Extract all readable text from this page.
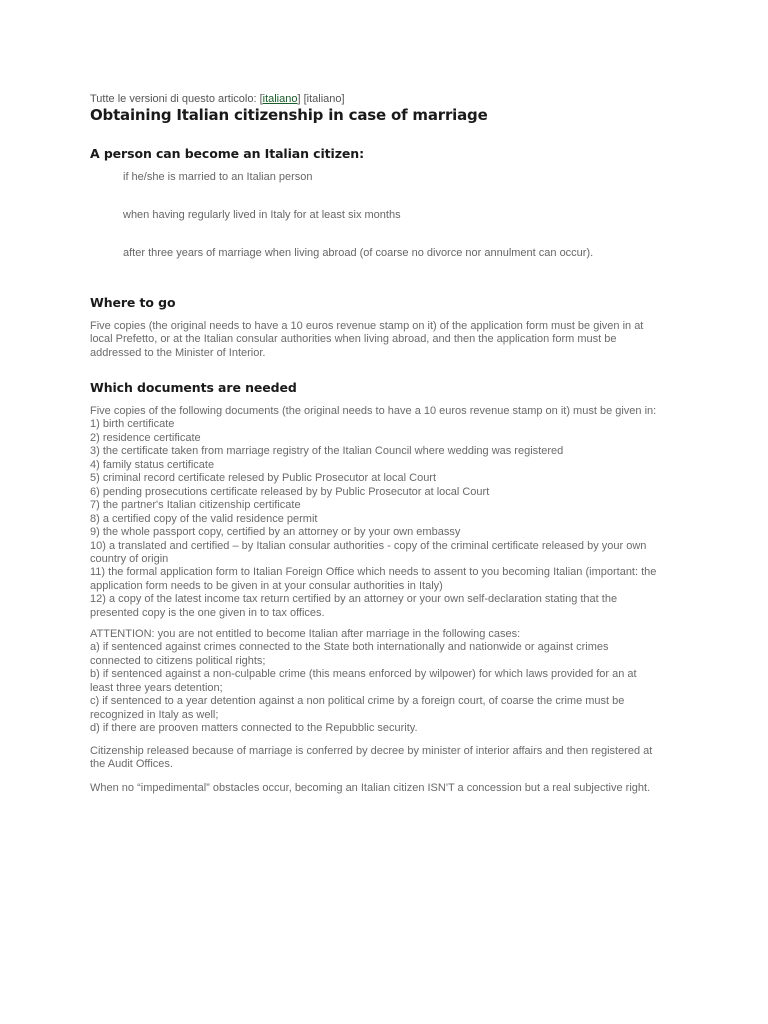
Tutte le versioni di questo articolo: [italiano] [italiano]
Obtaining Italian citizenship in case of marriage
A person can become an Italian citizen:
if he/she is married to an Italian person
when having regularly lived in Italy for at least six months
after three years of marriage when living abroad (of coarse no divorce nor annulment can occur).
Where to go
Five copies (the original needs to have a 10 euros revenue stamp on it) of the application form must be given in at
local Prefetto, or at the Italian consular authorities when living abroad, and then the application form must be
addressed to the Minister of Interior.
Which documents are needed
Five copies of the following documents (the original needs to have a 10 euros revenue stamp on it) must be given in:
1) birth certificate
2) residence certificate
3) the certificate taken from marriage registry of the Italian Council where wedding was registered
4) family status certificate
5) criminal record certificate relesed by Public Prosecutor at local Court
6) pending prosecutions certificate released by by Public Prosecutor at local Court
7) the partner's Italian citizenship certificate
8) a certified copy of the valid residence permit
9) the whole passport copy, certified by an attorney or by your own embassy
10) a translated and certified – by Italian consular authorities - copy of the criminal certificate released by your own
country of origin
11) the formal application form to Italian Foreign Office which needs to assent to you becoming Italian (important: the
application form needs to be given in at your consular authorities in Italy)
12) a copy of the latest income tax return certified by an attorney or your own self-declaration stating that the
presented copy is the one given in to tax offices.
ATTENTION: you are not entitled to become Italian after marriage in the following cases:
a) if sentenced against crimes connected to the State both internationally and nationwide or against crimes
connected to citizens political rights;
b) if sentenced against a non-culpable crime (this means enforced by wilpower) for which laws provided for an at
least three years detention;
c) if sentenced to a year detention against a non political crime by a foreign court, of coarse the crime must be
recognized in Italy as well;
d) if there are prooven matters connected to the Repubblic security.
Citizenship released because of marriage is conferred by decree by minister of interior affairs and then registered at
the Audit Offices.
When no “impedimental” obstacles occur, becoming an Italian citizen ISN'T a concession but a real subjective right.
